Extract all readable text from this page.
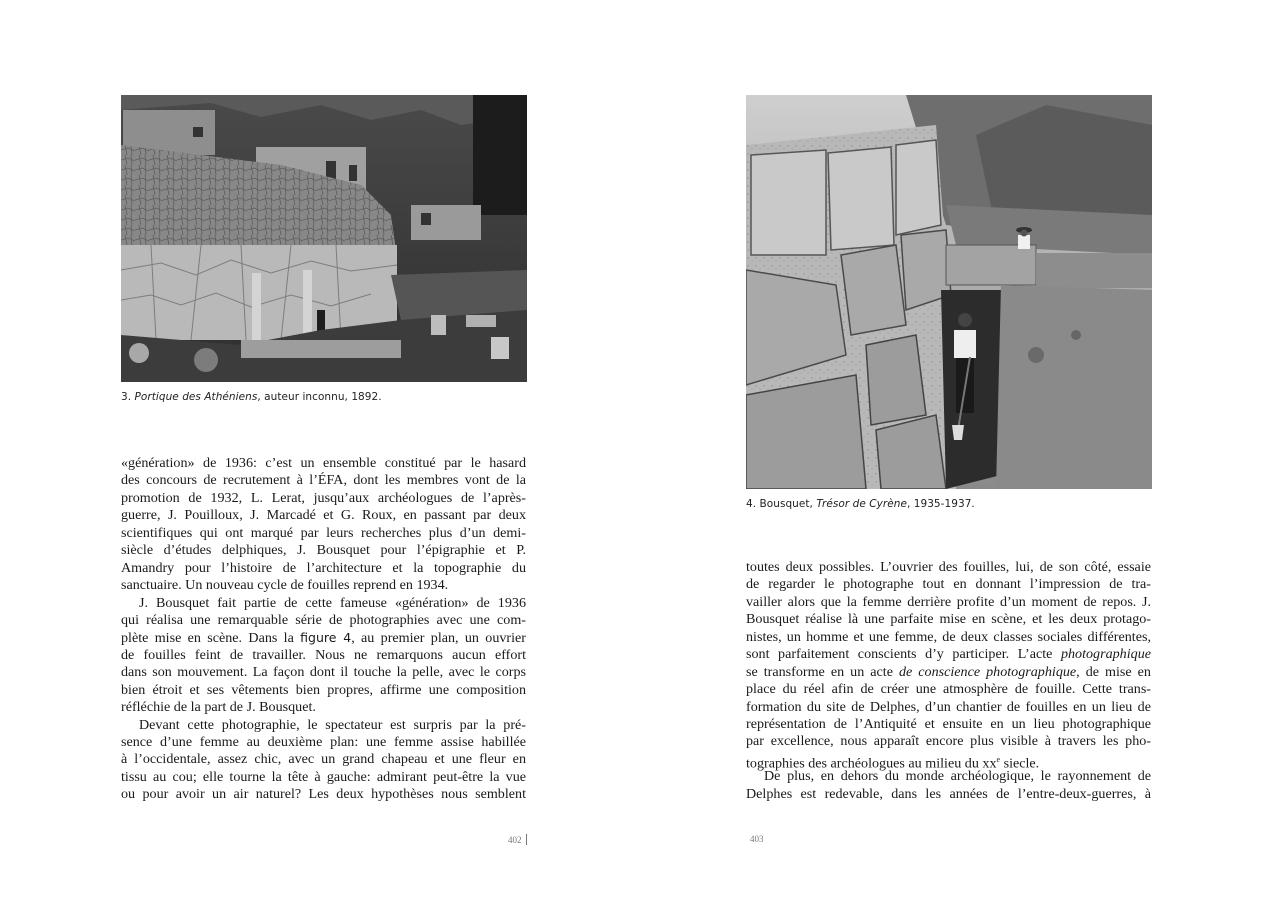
3. Portique des Athéniens, auteur inconnu, 1892.
«génération» de 1936: c’est un ensemble constitué par le hasard
des concours de recrutement à l’ÉFA, dont les membres vont de la
promotion de 1932, L. Lerat, jusqu’aux archéologues de l’après-
guerre, J. Pouilloux, J. Marcadé et G. Roux, en passant par deux
scientifiques qui ont marqué par leurs recherches plus d’un demi-
siècle d’études delphiques, J. Bousquet pour l’épigraphie et P.
Amandry pour l’histoire de l’architecture et la topographie du
sanctuaire. Un nouveau cycle de fouilles reprend en 1934.
J. Bousquet fait partie de cette fameuse «génération» de 1936
qui réalisa une remarquable série de photographies avec une com-
plète mise en scène. Dans la figure 4, au premier plan, un ouvrier
de fouilles feint de travailler. Nous ne remarquons aucun effort
dans son mouvement. La façon dont il touche la pelle, avec le corps
bien étroit et ses vêtements bien propres, affirme une composition
réfléchie de la part de J. Bousquet.
Devant cette photographie, le spectateur est surpris par la pré-
sence d’une femme au deuxième plan: une femme assise habillée
à l’occidentale, assez chic, avec un grand chapeau et une fleur en
tissu au cou; elle tourne la tête à gauche: admirant peut-être la vue
ou pour avoir un air naturel? Les deux hypothèses nous semblent
402
4. Bousquet, Trésor de Cyrène, 1935-1937.
toutes deux possibles. L’ouvrier des fouilles, lui, de son côté, essaie
de regarder le photographe tout en donnant l’impression de tra-
vailler alors que la femme derrière profite d’un moment de repos. J.
Bousquet réalise là une parfaite mise en scène, et les deux protago-
nistes, un homme et une femme, de deux classes sociales différentes,
sont parfaitement conscients d’y participer. L’acte photographique
se transforme en un acte de conscience photographique, de mise en
place du réel afin de créer une atmosphère de fouille. Cette trans-
formation du site de Delphes, d’un chantier de fouilles en un lieu de
représentation de l’Antiquité et ensuite en un lieu photographique
par excellence, nous apparaît encore plus visible à travers les pho-
tographies des archéologues au milieu du $xx^e$ siecle.
De plus, en dehors du monde archéologique, le rayonnement de
Delphes est redevable, dans les années de l’entre-deux-guerres, à
403
